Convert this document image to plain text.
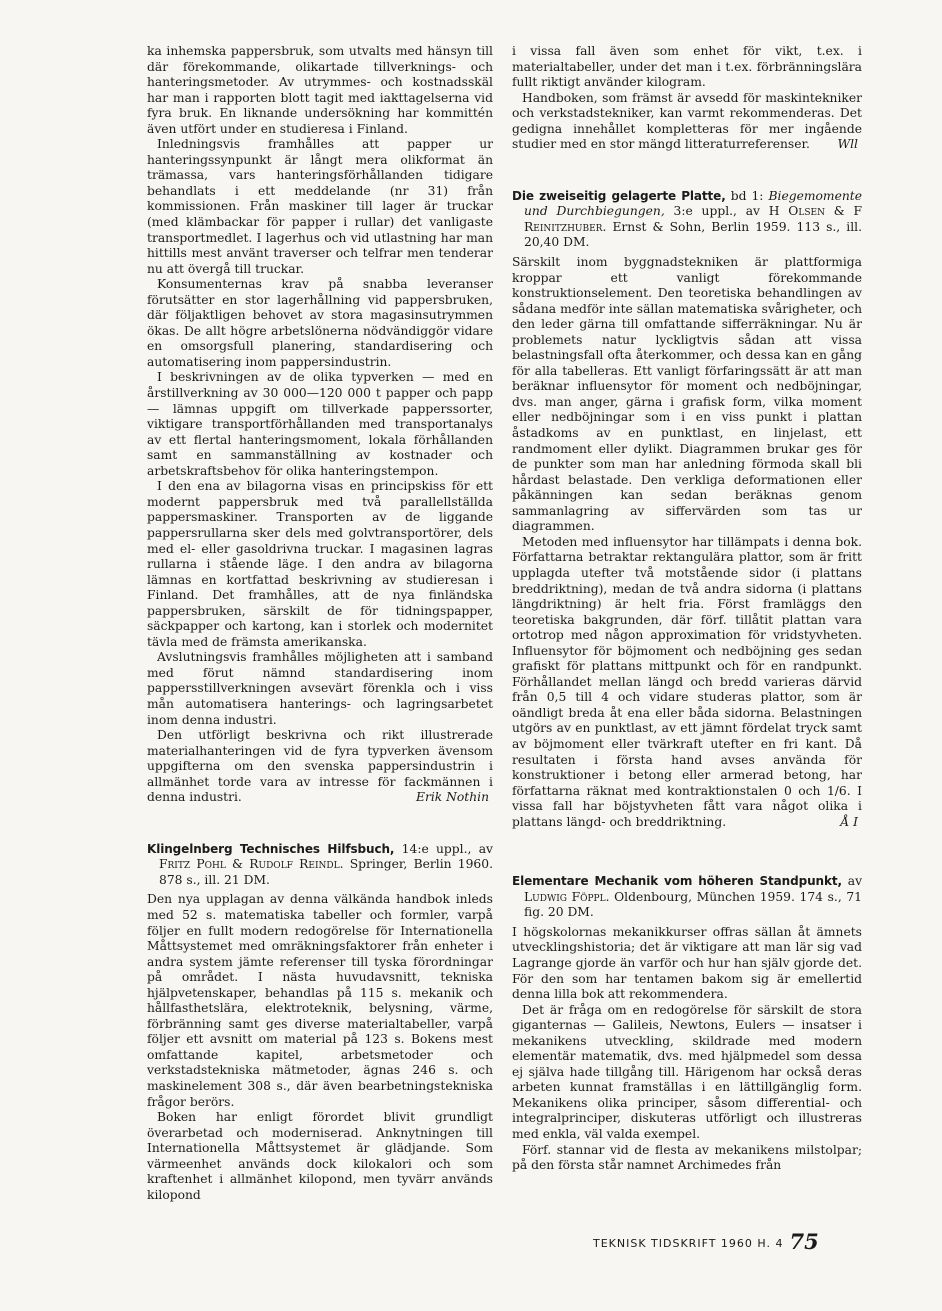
ka inhemska pappersbruk, som utvalts med hänsyn till där förekommande, olikartade tillverknings- och hanteringsmetoder. Av utrymmes- och kostnadsskäl har man i rapporten blott tagit med iakttagelserna vid fyra bruk. En liknande undersökning har kommittén även utfört under en studieresa i Finland.

Inledningsvis framhålles att papper ur hanteringssynpunkt är långt mera olikformat än trämassa, vars hanteringsförhållanden tidigare behandlats i ett meddelande (nr 31) från kommissionen. Från maskiner till lager är truckar (med klämbackar för papper i rullar) det vanligaste transportmedlet. I lagerhus och vid utlastning har man hittills mest använt traverser och telfrar men tenderar nu att övergå till truckar.

Konsumenternas krav på snabba leveranser förutsätter en stor lagerhållning vid pappersbruken, där följaktligen behovet av stora magasinsutrymmen ökas. De allt högre arbetslönerna nödvändiggör vidare en omsorgsfull planering, standardisering och automatisering inom pappersindustrin.

I beskrivningen av de olika typverken — med en årstillverkning av 30 000—120 000 t papper och papp — lämnas uppgift om tillverkade papperssorter, viktigare transportförhållanden med transportanalys av ett flertal hanteringsmoment, lokala förhållanden samt en sammanställning av kostnader och arbetskraftsbehov för olika hanteringstempon.

I den ena av bilagorna visas en principskiss för ett modernt pappersbruk med två parallellställda pappersmaskiner. Transporten av de liggande pappersrullarna sker dels med golvtransportörer, dels med el- eller gasoldrivna truckar. I magasinen lagras rullarna i stående läge. I den andra av bilagorna lämnas en kortfattad beskrivning av studieresan i Finland. Det framhålles, att de nya finländska pappersbruken, särskilt de för tidningspapper, säckpapper och kartong, kan i storlek och modernitet tävla med de främsta amerikanska.

Avslutningsvis framhålles möjligheten att i samband med förut nämnd standardisering inom pappersstillverkningen avsevärt förenkla och i viss mån automatisera hanterings- och lagringsarbetet inom denna industri.

Den utförligt beskrivna och rikt illustrerade materialhanteringen vid de fyra typverken ävensom uppgifterna om den svenska pappersindustrin i allmänhet torde vara av intresse för fackmännen i denna industri.	Erik Nothin

Klingelnberg Technisches Hilfsbuch, 14:e uppl., av Fritz Pohl & Rudolf Reindl. Springer, Berlin 1960. 878 s., ill. 21 DM.

Den nya upplagan av denna välkända handbok inleds med 52 s. matematiska tabeller och formler, varpå följer en fullt modern redogörelse för Internationella Måttsystemet med omräkningsfaktorer från enheter i andra system jämte referenser till tyska förordningar på området. I nästa huvudavsnitt, tekniska hjälpvetenskaper, behandlas på 115 s. mekanik och hållfasthetslära, elektroteknik, belysning, värme, förbränning samt ges diverse materialtabeller, varpå följer ett avsnitt om material på 123 s. Bokens mest omfattande kapitel, arbetsmetoder och verkstadstekniska mätmetoder, ägnas 246 s. och maskinelement 308 s., där även bearbetningstekniska frågor berörs.

Boken har enligt förordet blivit grundligt överarbetad och moderniserad. Anknytningen till Internationella Måttsystemet är glädjande. Som värmeenhet används dock kilokalori och som kraftenhet i allmänhet kilopond, men tyvärr används kilopond

i vissa fall även som enhet för vikt, t.ex. i materialtabeller, under det man i t.ex. förbränningslära fullt riktigt använder kilogram.

Handboken, som främst är avsedd för maskintekniker och verkstadstekniker, kan varmt rekommenderas. Det gedigna innehållet kompletteras för mer ingående studier med en stor mängd litteraturreferenser.	Wll

Die zweiseitig gelagerte Platte, bd 1: Biegemomente und Durchbiegungen, 3:e uppl., av H Olsen & F Reinitzhuber. Ernst & Sohn, Berlin 1959. 113 s., ill. 20,40 DM.

Särskilt inom byggnadstekniken är plattformiga kroppar ett vanligt förekommande konstruktionselement. Den teoretiska behandlingen av sådana medför inte sällan matematiska svårigheter, och den leder gärna till omfattande sifferräkningar. Nu är problemets natur lyckligtvis sådan att vissa belastningsfall ofta återkommer, och dessa kan en gång för alla tabelleras. Ett vanligt förfaringssätt är att man beräknar influensytor för moment och nedböjningar, dvs. man anger, gärna i grafisk form, vilka moment eller nedböjningar som i en viss punkt i plattan åstadkoms av en punktlast, en linjelast, ett randmoment eller dylikt. Diagrammen brukar ges för de punkter som man har anledning förmoda skall bli hårdast belastade. Den verkliga deformationen eller påkänningen kan sedan beräknas genom sammanlagring av siffervärden som tas ur diagrammen.

Metoden med influensytor har tillämpats i denna bok. Författarna betraktar rektangulära plattor, som är fritt upplagda utefter två motstående sidor (i plattans breddriktning), medan de två andra sidorna (i plattans längdriktning) är helt fria. Först framläggs den teoretiska bakgrunden, där förf. tillåtit plattan vara ortotrop med någon approximation för vridstyvheten. Influensytor för böjmoment och nedböjning ges sedan grafiskt för plattans mittpunkt och för en randpunkt. Förhållandet mellan längd och bredd varieras därvid från 0,5 till 4 och vidare studeras plattor, som är oändligt breda åt ena eller båda sidorna. Belastningen utgörs av en punktlast, av ett jämnt fördelat tryck samt av böjmoment eller tvärkraft utefter en fri kant. Då resultaten i första hand avses använda för konstruktioner i betong eller armerad betong, har författarna räknat med kontraktionstalen 0 och 1/6. I vissa fall har böjstyvheten fått vara något olika i plattans längd- och breddriktning.	Å I

Elementare Mechanik vom höheren Standpunkt, av Ludwig Föppl. Oldenbourg, München 1959. 174 s., 71 fig. 20 DM.

I högskolornas mekanikkurser offras sällan åt ämnets utvecklingshistoria; det är viktigare att man lär sig vad Lagrange gjorde än varför och hur han själv gjorde det. För den som har tentamen bakom sig är emellertid denna lilla bok att rekommendera.

Det är fråga om en redogörelse för särskilt de stora giganternas — Galileis, Newtons, Eulers — insatser i mekanikens utveckling, skildrade med modern elementär matematik, dvs. med hjälpmedel som dessa ej själva hade tillgång till. Härigenom har också deras arbeten kunnat framställas i en lättillgänglig form. Mekanikens olika principer, såsom differential- och integralprinciper, diskuteras utförligt och illustreras med enkla, väl valda exempel.

Förf. stannar vid de flesta av mekanikens milstolpar; på den första står namnet Archimedes från

TEKNISK TIDSKRIFT 1960 H. 4 75
